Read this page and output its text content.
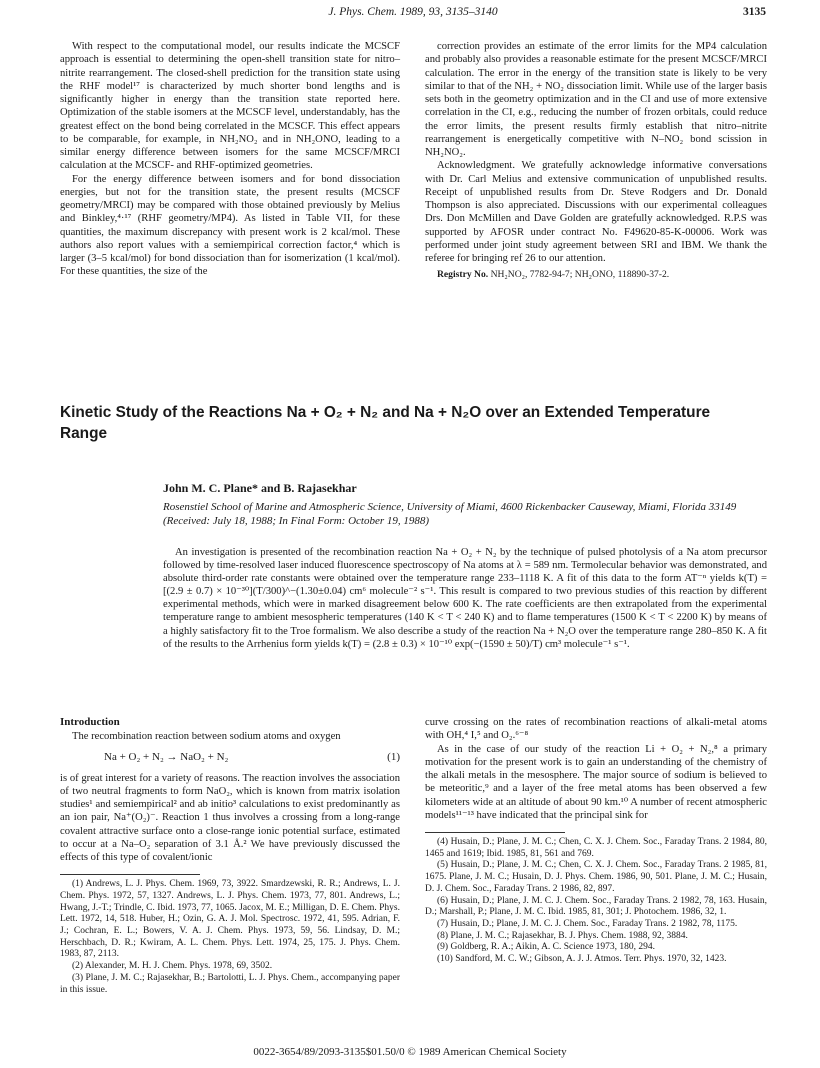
J. Phys. Chem. 1989, 93, 3135–3140	3135

With respect to the computational model, our results indicate the MCSCF approach is essential to determining the open-shell transition state for nitro–nitrite rearrangement. The closed-shell prediction for the transition state using the RHF model¹⁷ is characterized by much shorter bond lengths and is significantly higher in energy than the transition state reported here. Optimization of the stable isomers at the MCSCF level, understandably, has the greatest effect on the bond being correlated in the MCSCF. This effect appears to be comparable, for example, in NH₂NO₂ and in NH₂ONO, leading to a similar energy difference between isomers for the same MCSCF/MRCI calculation at the MCSCF- and RHF-optimized geometries.

For the energy difference between isomers and for bond dissociation energies, but not for the transition state, the present results (MCSCF geometry/MRCI) may be compared with those obtained previously by Melius and Binkley,⁴·¹⁷ (RHF geometry/MP4). As listed in Table VII, for these quantities, the maximum discrepancy with present work is 2 kcal/mol. These authors also report values with a semiempirical correction factor,⁴ which is larger (3–5 kcal/mol) for bond dissociation than for isomerization (1 kcal/mol). For these quantities, the size of the

correction provides an estimate of the error limits for the MP4 calculation and probably also provides a reasonable estimate for the present MCSCF/MRCI calculation. The error in the energy of the transition state is likely to be very similar to that of the NH₂ + NO₂ dissociation limit. While use of the larger basis sets both in the geometry optimization and in the CI and use of more extensive correlation in the CI, e.g., reducing the number of frozen orbitals, could reduce the error limits, the present results firmly establish that nitro–nitrite rearrangement is energetically competitive with N–NO₂ bond scission in NH₂NO₂.

Acknowledgment. We gratefully acknowledge informative conversations with Dr. Carl Melius and extensive communication of unpublished results. Receipt of unpublished results from Dr. Steve Rodgers and Dr. Donald Thompson is also appreciated. Discussions with our experimental colleagues Drs. Don McMillen and Dave Golden are gratefully acknowledged. R.P.S was supported by AFOSR under contract No. F49620-85-K-00006. Work was performed under joint study agreement between SRI and IBM. We thank the referee for bringing ref 26 to our attention.

Registry No. NH₂NO₂, 7782-94-7; NH₂ONO, 118890-37-2.

Kinetic Study of the Reactions Na + O₂ + N₂ and Na + N₂O over an Extended Temperature Range
John M. C. Plane* and B. Rajasekhar
Rosenstiel School of Marine and Atmospheric Science, University of Miami, 4600 Rickenbacker Causeway, Miami, Florida 33149 (Received: July 18, 1988; In Final Form: October 19, 1988)

An investigation is presented of the recombination reaction Na + O₂ + N₂ by the technique of pulsed photolysis of a Na atom precursor followed by time-resolved laser induced fluorescence spectroscopy of Na atoms at λ = 589 nm. Termolecular behavior was demonstrated, and absolute third-order rate constants were obtained over the temperature range 233–1118 K. A fit of this data to the form AT⁻ⁿ yields k(T) = [(2.9 ± 0.7) × 10⁻³⁰](T/300)^−(1.30±0.04) cm⁶ molecule⁻² s⁻¹. This result is compared to two previous studies of this reaction by different experimental methods, which were in marked disagreement below 600 K. The rate coefficients are then extrapolated from the experimental temperature range to ambient mesospheric temperatures (140 K < T < 240 K) and to flame temperatures (1500 K < T < 2200 K) by means of a highly satisfactory fit to the Troe formalism. We also describe a study of the reaction Na + N₂O over the temperature range 280–850 K. A fit of the results to the Arrhenius form yields k(T) = (2.8 ± 0.3) × 10⁻¹⁰ exp(−(1590 ± 50)/T) cm³ molecule⁻¹ s⁻¹.

Introduction

The recombination reaction between sodium atoms and oxygen

Na + O₂ + N₂ → NaO₂ + N₂	(1)

is of great interest for a variety of reasons. The reaction involves the association of two neutral fragments to form NaO₂, which is known from matrix isolation studies¹ and semiempirical² and ab initio³ calculations to exist predominantly as an ion pair, Na⁺(O₂)⁻. Reaction 1 thus involves a crossing from a long-range covalent attractive surface onto a close-range ionic potential surface, estimated to occur at a Na–O₂ separation of 3.1 Å.² We have previously discussed the effects of this type of covalent/ionic

(1) Andrews, L. J. Phys. Chem. 1969, 73, 3922. Smardzewski, R. R.; Andrews, L. J. Chem. Phys. 1972, 57, 1327. Andrews, L. J. Phys. Chem. 1973, 77, 801. Andrews, L.; Hwang, J.-T.; Trindle, C. Ibid. 1973, 77, 1065. Jacox, M. E.; Milligan, D. E. Chem. Phys. Lett. 1972, 14, 518. Huber, H.; Ozin, G. A. J. Mol. Spectrosc. 1972, 41, 595. Adrian, F. J.; Cochran, E. L.; Bowers, V. A. J. Chem. Phys. 1973, 59, 56. Lindsay, D. M.; Herschbach, D. R.; Kwiram, A. L. Chem. Phys. Lett. 1974, 25, 175. J. Phys. Chem. 1983, 87, 2113.

(2) Alexander, M. H. J. Chem. Phys. 1978, 69, 3502.

(3) Plane, J. M. C.; Rajasekhar, B.; Bartolotti, L. J. Phys. Chem., accompanying paper in this issue.

curve crossing on the rates of recombination reactions of alkali-metal atoms with OH,⁴ I,⁵ and O₂.⁶⁻⁸

As in the case of our study of the reaction Li + O₂ + N₂,⁸ a primary motivation for the present work is to gain an understanding of the chemistry of the alkali metals in the mesosphere. The major source of sodium is believed to be meteoritic,⁹ and a layer of the free metal atoms has been observed a few kilometers wide at an altitude of about 90 km.¹⁰ A number of recent atmospheric models¹¹⁻¹³ have indicated that the principal sink for

(4) Husain, D.; Plane, J. M. C.; Chen, C. X. J. Chem. Soc., Faraday Trans. 2 1984, 80, 1465 and 1619; Ibid. 1985, 81, 561 and 769.

(5) Husain, D.; Plane, J. M. C.; Chen, C. X. J. Chem. Soc., Faraday Trans. 2 1985, 81, 1675. Plane, J. M. C.; Husain, D. J. Phys. Chem. 1986, 90, 501. Plane, J. M. C.; Husain, D. J. Chem. Soc., Faraday Trans. 2 1986, 82, 897.

(6) Husain, D.; Plane, J. M. C. J. Chem. Soc., Faraday Trans. 2 1982, 78, 163. Husain, D.; Marshall, P.; Plane, J. M. C. Ibid. 1985, 81, 301; J. Photochem. 1986, 32, 1.

(7) Husain, D.; Plane, J. M. C. J. Chem. Soc., Faraday Trans. 2 1982, 78, 1175.

(8) Plane, J. M. C.; Rajasekhar, B. J. Phys. Chem. 1988, 92, 3884.

(9) Goldberg, R. A.; Aikin, A. C. Science 1973, 180, 294.

(10) Sandford, M. C. W.; Gibson, A. J. J. Atmos. Terr. Phys. 1970, 32, 1423.

0022-3654/89/2093-3135$01.50/0 © 1989 American Chemical Society
